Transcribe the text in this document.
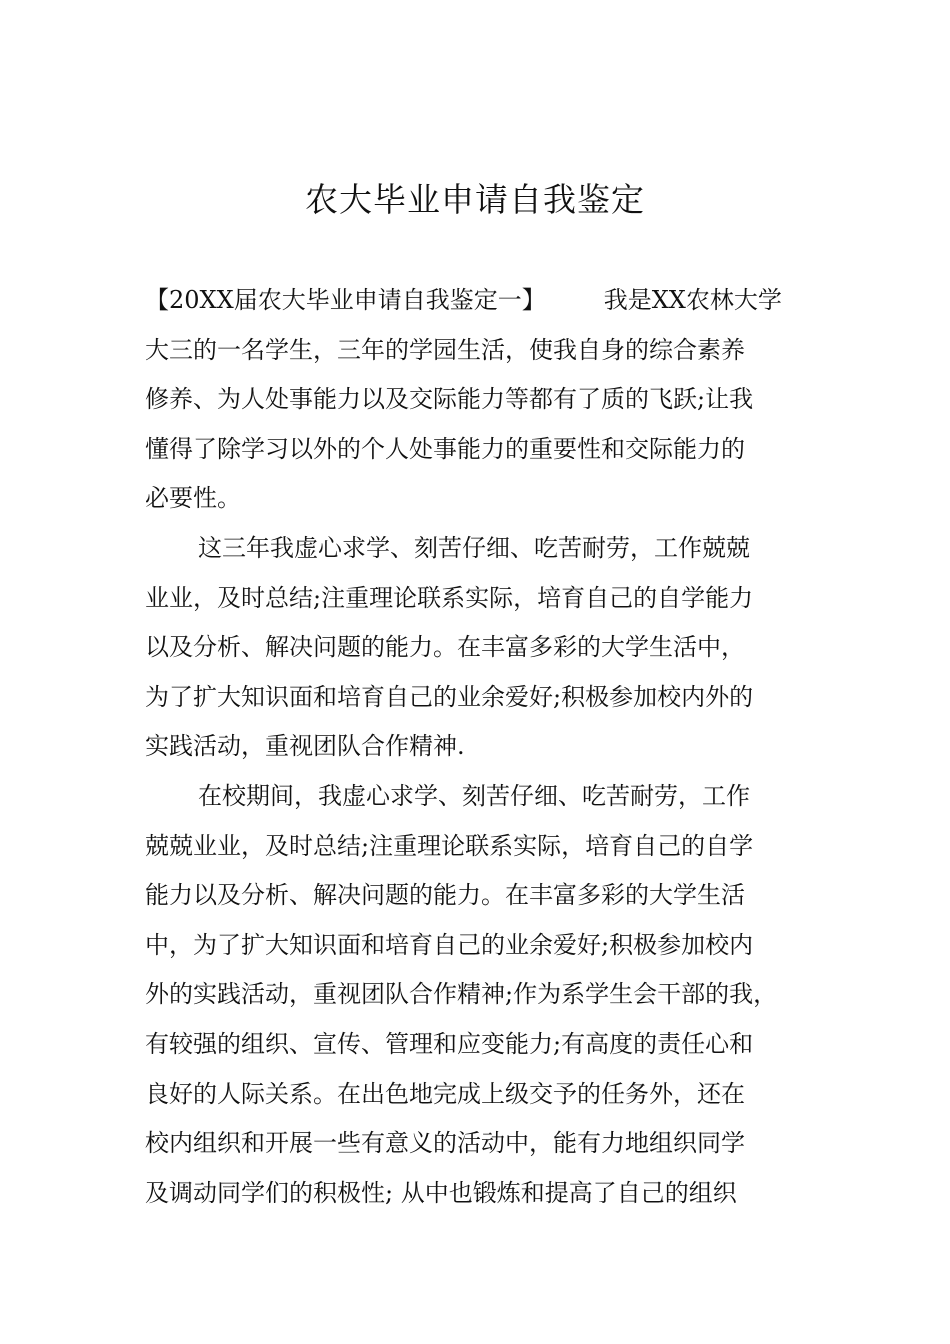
农大毕业申请自我鉴定
【20XX届农大毕业申请自我鉴定一】 我是XX农林大学
大三的一名学生，三年的学园生活，使我自身的综合素养
修养、为人处事能力以及交际能力等都有了质的飞跃;让我
懂得了除学习以外的个人处事能力的重要性和交际能力的
必要性。
这三年我虚心求学、刻苦仔细、吃苦耐劳，工作兢兢
业业，及时总结;注重理论联系实际，培育自己的自学能力
以及分析、解决问题的能力。在丰富多彩的大学生活中，
为了扩大知识面和培育自己的业余爱好;积极参加校内外的
实践活动，重视团队合作精神.
在校期间，我虚心求学、刻苦仔细、吃苦耐劳，工作
兢兢业业，及时总结;注重理论联系实际，培育自己的自学
能力以及分析、解决问题的能力。在丰富多彩的大学生活
中，为了扩大知识面和培育自己的业余爱好;积极参加校内
外的实践活动，重视团队合作精神;作为系学生会干部的我，
有较强的组织、宣传、管理和应变能力;有高度的责任心和
良好的人际关系。在出色地完成上级交予的任务外，还在
校内组织和开展一些有意义的活动中，能有力地组织同学
及调动同学们的积极性; 从中也锻炼和提高了自己的组织
